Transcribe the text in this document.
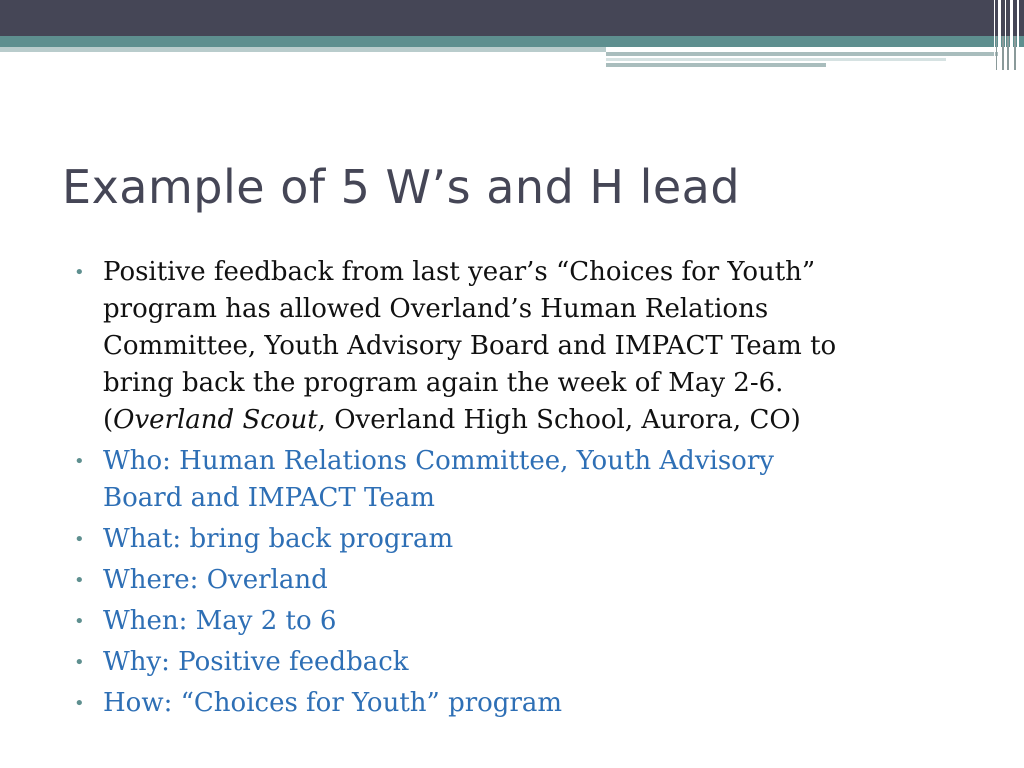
Example of 5 W’s and H lead
• Positive feedback from last year’s “Choices for Youth”
program has allowed Overland’s Human Relations
Committee, Youth Advisory Board and IMPACT Team to
bring back the program again the week of May 2-6.
(Overland Scout, Overland High School, Aurora, CO)
• Who: Human Relations Committee, Youth Advisory
Board and IMPACT Team
• What: bring back program
• Where: Overland
• When: May 2 to 6
• Why: Positive feedback
• How: “Choices for Youth” program
